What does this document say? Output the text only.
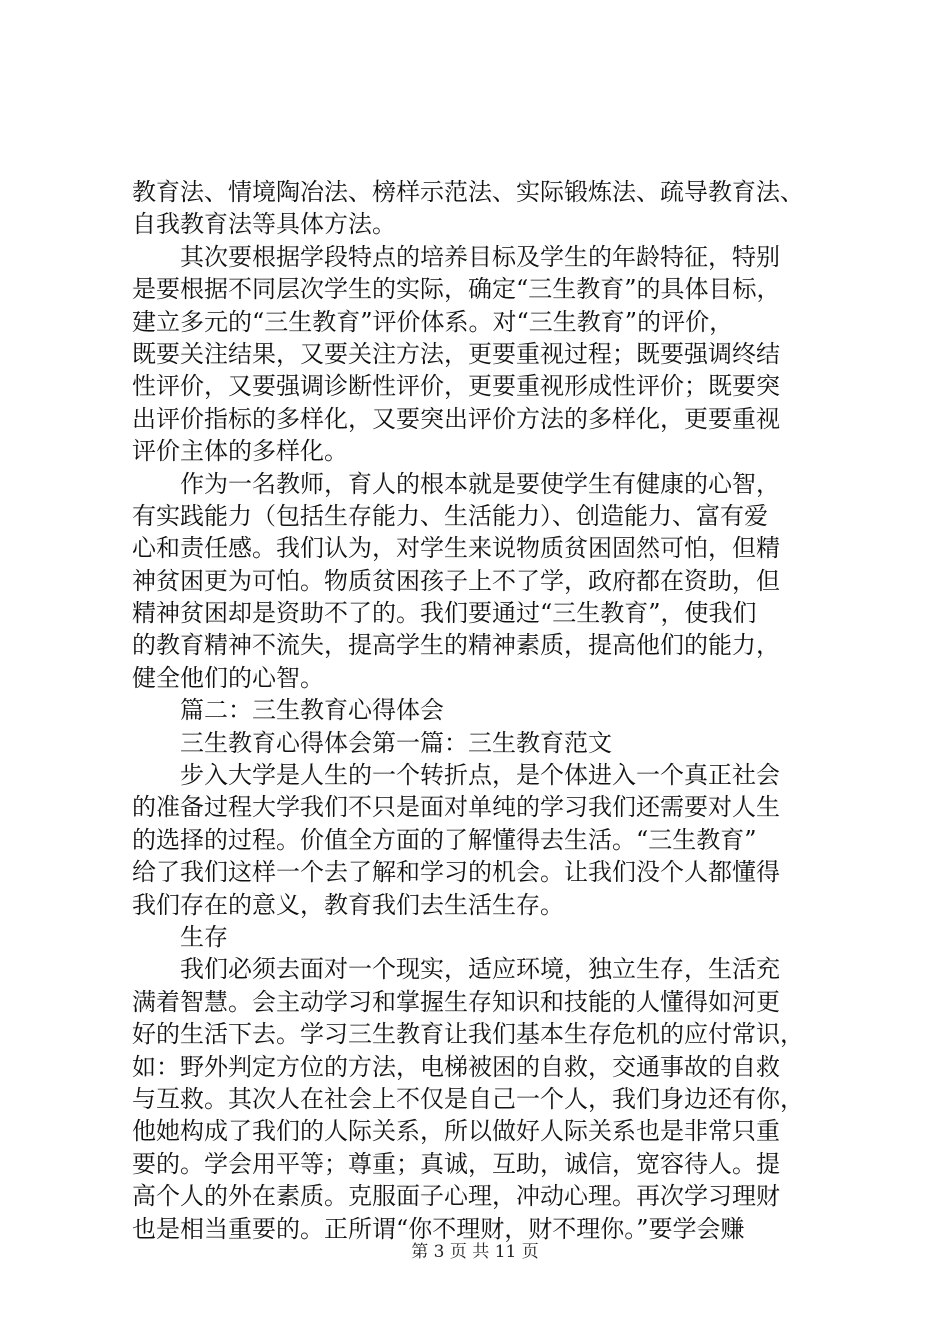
教育法、情境陶冶法、榜样示范法、实际锻炼法、疏导教育法、
自我教育法等具体方法。
　　其次要根据学段特点的培养目标及学生的年龄特征，特别
是要根据不同层次学生的实际，确定“三生教育”的具体目标，
建立多元的“三生教育”评价体系。对“三生教育”的评价，
既要关注结果，又要关注方法，更要重视过程；既要强调终结
性评价，又要强调诊断性评价，更要重视形成性评价；既要突
出评价指标的多样化，又要突出评价方法的多样化，更要重视
评价主体的多样化。
　　作为一名教师，育人的根本就是要使学生有健康的心智，
有实践能力（包括生存能力、生活能力）、创造能力、富有爱
心和责任感。我们认为，对学生来说物质贫困固然可怕，但精
神贫困更为可怕。物质贫困孩子上不了学，政府都在资助，但
精神贫困却是资助不了的。我们要通过“三生教育”，使我们
的教育精神不流失，提高学生的精神素质，提高他们的能力，
健全他们的心智。
　　篇二：三生教育心得体会
　　三生教育心得体会第一篇：三生教育范文
　　步入大学是人生的一个转折点，是个体进入一个真正社会
的准备过程大学我们不只是面对单纯的学习我们还需要对人生
的选择的过程。价值全方面的了解懂得去生活。“三生教育”
给了我们这样一个去了解和学习的机会。让我们没个人都懂得
我们存在的意义，教育我们去生活生存。
　　生存
　　我们必须去面对一个现实，适应环境，独立生存，生活充
满着智慧。会主动学习和掌握生存知识和技能的人懂得如河更
好的生活下去。学习三生教育让我们基本生存危机的应付常识，
如：野外判定方位的方法，电梯被困的自救，交通事故的自救
与互救。其次人在社会上不仅是自己一个人，我们身边还有你，
他她构成了我们的人际关系，所以做好人际关系也是非常只重
要的。学会用平等；尊重；真诚，互助，诚信，宽容待人。提
高个人的外在素质。克服面子心理，冲动心理。再次学习理财
也是相当重要的。正所谓“你不理财，财不理你。”要学会赚
第 3 页 共 11 页
